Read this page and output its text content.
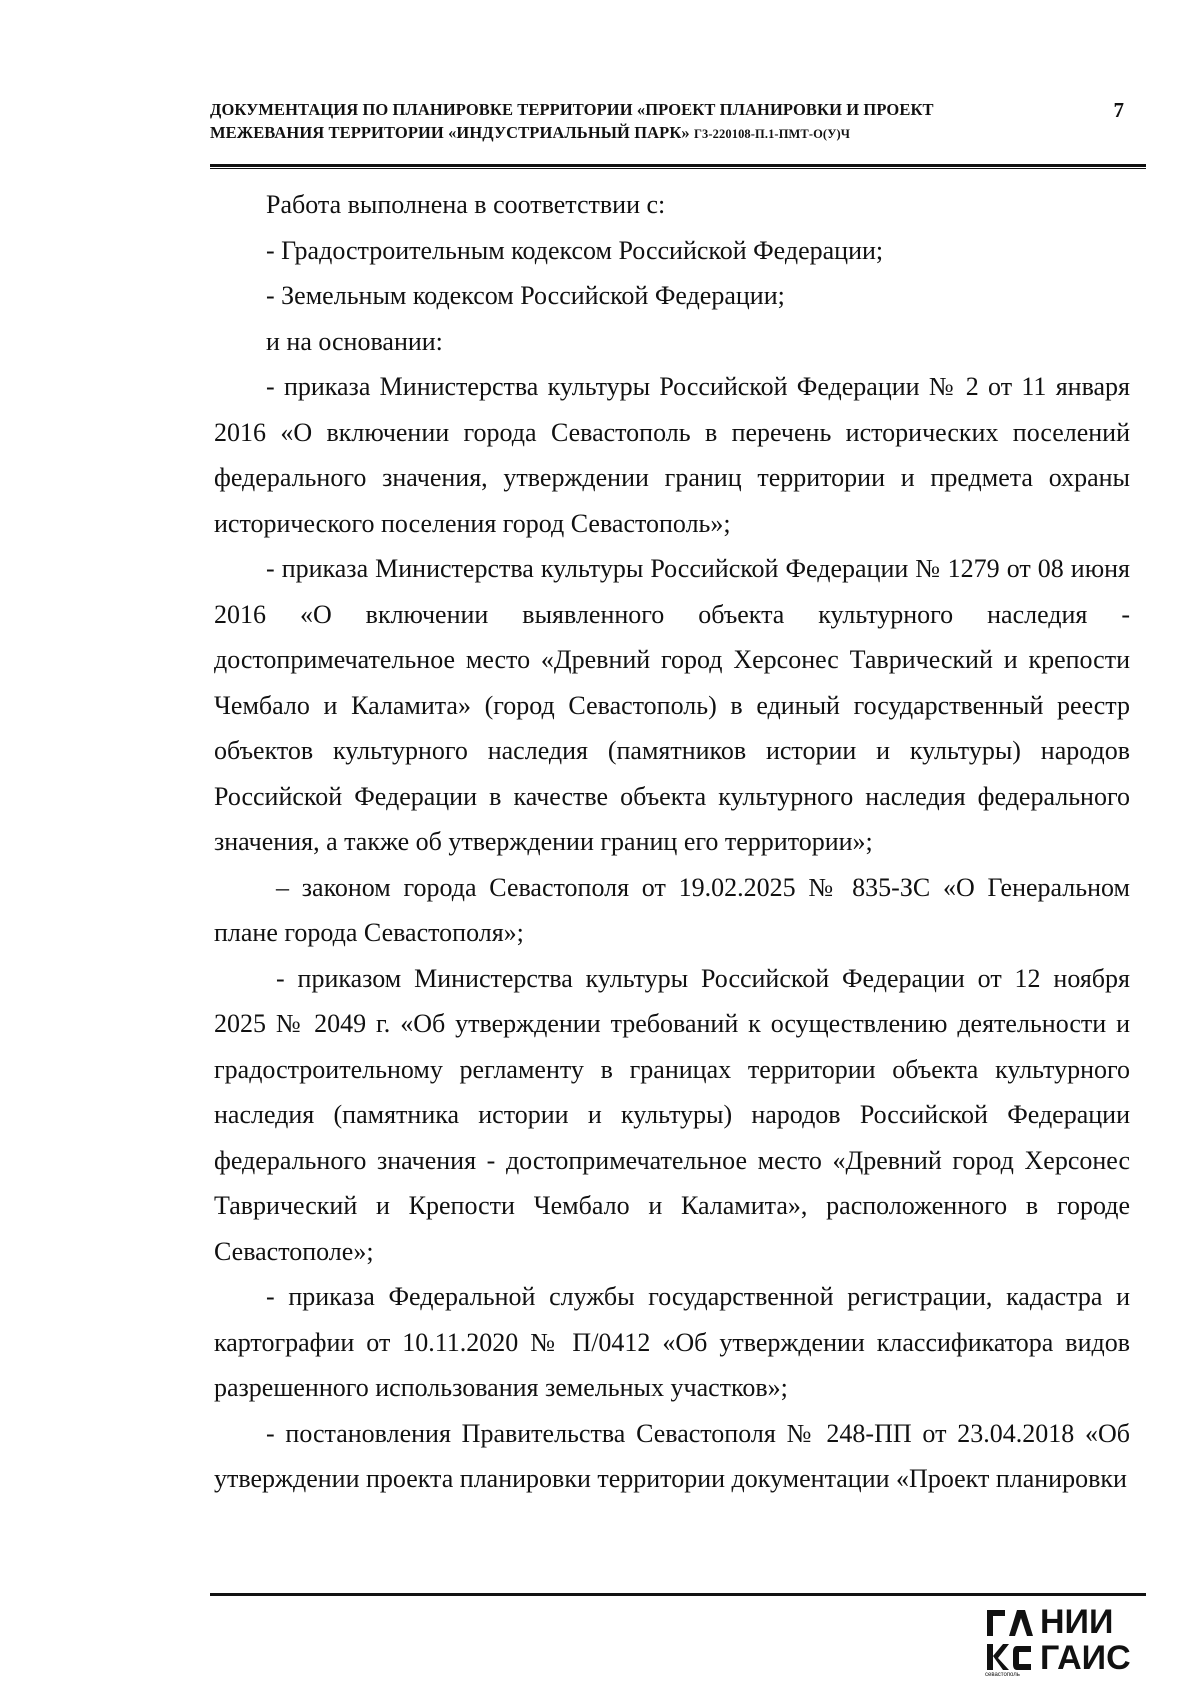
ДОКУМЕНТАЦИЯ ПО ПЛАНИРОВКЕ ТЕРРИТОРИИ «ПРОЕКТ ПЛАНИРОВКИ И ПРОЕКТ
МЕЖЕВАНИЯ ТЕРРИТОРИИ «ИНДУСТРИАЛЬНЫЙ ПАРК» Г3-220108-П.1-ПМТ-О(У)Ч
7

Работа выполнена в соответствии с:

- Градостроительным кодексом Российской Федерации;

- Земельным кодексом Российской Федерации;

и на основании:

- приказа Министерства культуры Российской Федерации № 2 от 11 января 2016 «О включении города Севастополь в перечень исторических поселений федерального значения, утверждении границ территории и предмета охраны исторического поселения город Севастополь»;

- приказа Министерства культуры Российской Федерации № 1279 от 08 июня 2016 «О включении выявленного объекта культурного наследия - достопримечательное место «Древний город Херсонес Таврический и крепости Чембало и Каламита» (город Севастополь) в единый государственный реестр объектов культурного наследия (памятников истории и культуры) народов Российской Федерации в качестве объекта культурного наследия федерального значения, а также об утверждении границ его территории»;

– законом города Севастополя от 19.02.2025 № 835-ЗС «О Генеральном плане города Севастополя»;

- приказом Министерства культуры Российской Федерации от 12 ноября 2025 № 2049 г. «Об утверждении требований к осуществлению деятельности и градостроительному регламенту в границах территории объекта культурного наследия (памятника истории и культуры) народов Российской Федерации федерального значения - достопримечательное место «Древний город Херсонес Таврический и Крепости Чембало и Каламита», расположенного в городе Севастополе»;

- приказа Федеральной службы государственной регистрации, кадастра и картографии от 10.11.2020 № П/0412 «Об утверждении классификатора видов разрешенного использования земельных участков»;

- постановления Правительства Севастополя № 248-ПП от 23.04.2018 «Об утверждении проекта планировки территории документации «Проект планировки

НИИ
ГАИС
севастополь
